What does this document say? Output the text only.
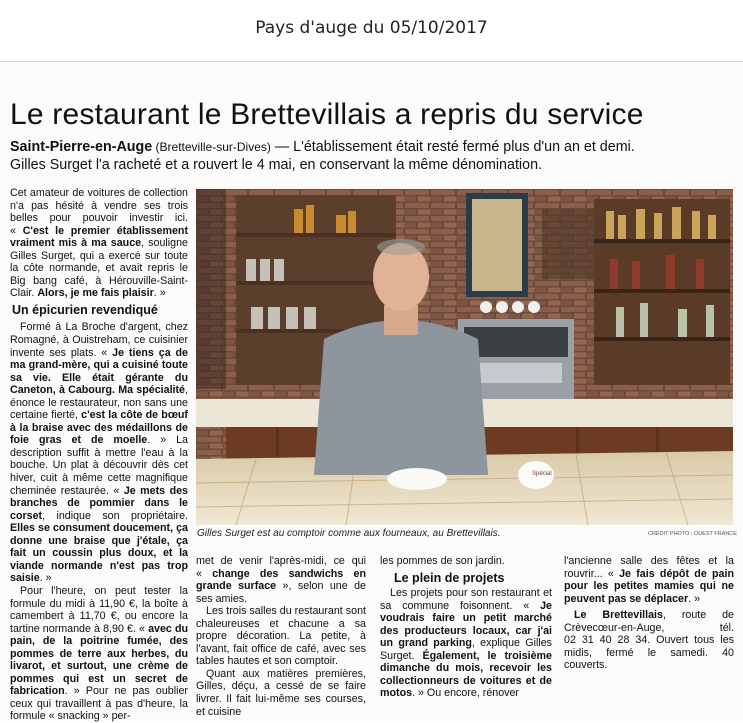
Pays d'auge du 05/10/2017
Le restaurant le Brettevillais a repris du service
Saint-Pierre-en-Auge (Bretteville-sur-Dives) — L'établissement était resté fermé plus d'un an et demi.
Gilles Surget l'a racheté et a rouvert le 4 mai, en conservant la même dénomination.

Cet amateur de voitures de collection n'a pas hésité à vendre ses trois belles pour pouvoir investir ici. « C'est le premier établissement vraiment mis à ma sauce, souligne Gilles Surget, qui a exercé sur toute la côte normande, et avait repris le Big bang café, à Hérouville-Saint-Clair. Alors, je me fais plaisir. »

Un épicurien revendiqué

Formé à La Broche d'argent, chez Romagné, à Ouistreham, ce cuisinier invente ses plats. « Je tiens ça de ma grand-mère, qui a cuisiné toute sa vie. Elle était gérante du Caneton, à Cabourg. Ma spécialité, énonce le restaurateur, non sans une certaine fierté, c'est la côte de bœuf à la braise avec des médaillons de foie gras et de moelle. » La description suffit à mettre l'eau à la bouche. Un plat à découvrir dès cet hiver, cuit à même cette magnifique cheminée restaurée. « Je mets des branches de pommier dans le corset, indique son propriétaire. Elles se consument doucement, ça donne une braise que j'étale, ça fait un coussin plus doux, et la viande normande n'est pas trop saisie. »

Pour l'heure, on peut tester la formule du midi à 11,90 €, la boîte à camembert à 11,70 €, ou encore la tartine normande à 8,90 €. « avec du pain, de la poitrine fumée, des pommes de terre aux herbes, du livarot, et surtout, une crème de pommes qui est un secret de fabrication. » Pour ne pas oublier ceux qui travaillent à pas d'heure, la formule « snacking » per-

Spécial
Gilles Surget est au comptoir comme aux fourneaux, au Brettevillais.	CRÉDIT PHOTO : OUEST FRANCE

met de venir l'après-midi, ce qui « change des sandwichs en grande surface », selon une de ses amies.

Les trois salles du restaurant sont chaleureuses et chacune a sa propre décoration. La petite, à l'avant, fait office de café, avec ses tables hautes et son comptoir.

Quant aux matières premières, Gilles, déçu, a cessé de se faire livrer. Il fait lui-même ses courses, et cuisine

les pommes de son jardin.

Le plein de projets

Les projets pour son restaurant et sa commune foisonnent. « Je voudrais faire un petit marché des producteurs locaux, car j'ai un grand parking, explique Gilles Surget. Également, le troisième dimanche du mois, recevoir les collectionneurs de voitures et de motos. » Ou encore, rénover

l'ancienne salle des fêtes et la rouvrir... « Je fais dépôt de pain pour les petites mamies qui ne peuvent pas se déplacer. »

Le Brettevillais, route de Crèvecœur-en-Auge, tél. 02 31 40 28 34. Ouvert tous les midis, fermé le samedi. 40 couverts.
